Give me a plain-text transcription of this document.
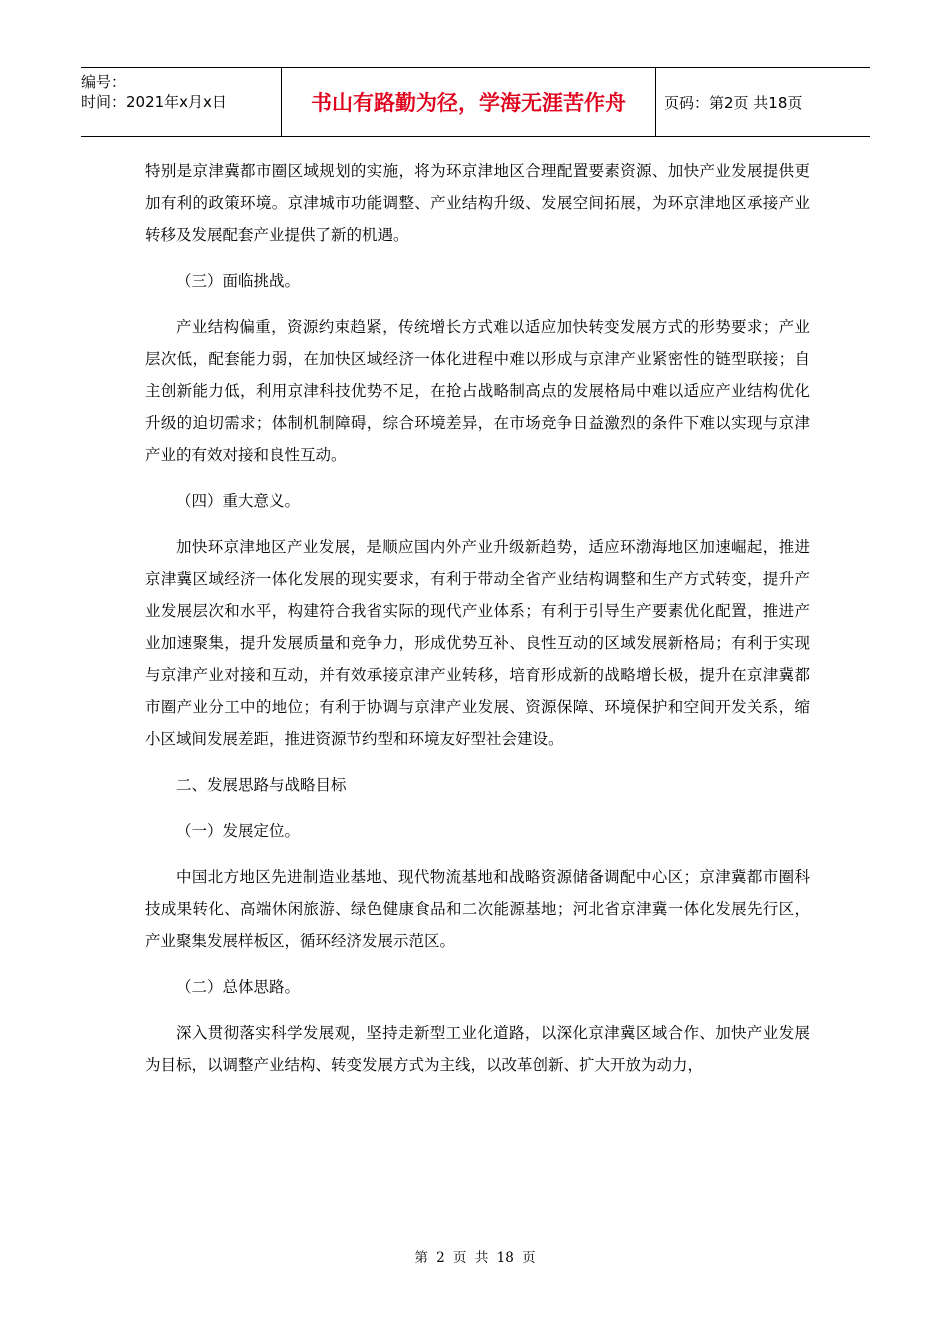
编号：
时间：2021年x月x日	书山有路勤为径，学海无涯苦作舟	页码：第2页 共18页

特别是京津冀都市圈区域规划的实施，将为环京津地区合理配置要素资源、加快产业发展提供更加有利的政策环境。京津城市功能调整、产业结构升级、发展空间拓展，为环京津地区承接产业转移及发展配套产业提供了新的机遇。

（三）面临挑战。

产业结构偏重，资源约束趋紧，传统增长方式难以适应加快转变发展方式的形势要求；产业层次低，配套能力弱，在加快区域经济一体化进程中难以形成与京津产业紧密性的链型联接；自主创新能力低，利用京津科技优势不足，在抢占战略制高点的发展格局中难以适应产业结构优化升级的迫切需求；体制机制障碍，综合环境差异，在市场竞争日益激烈的条件下难以实现与京津产业的有效对接和良性互动。

（四）重大意义。

加快环京津地区产业发展，是顺应国内外产业升级新趋势，适应环渤海地区加速崛起，推进京津冀区域经济一体化发展的现实要求，有利于带动全省产业结构调整和生产方式转变，提升产业发展层次和水平，构建符合我省实际的现代产业体系；有利于引导生产要素优化配置，推进产业加速聚集，提升发展质量和竞争力，形成优势互补、良性互动的区域发展新格局；有利于实现与京津产业对接和互动，并有效承接京津产业转移，培育形成新的战略增长极，提升在京津冀都市圈产业分工中的地位；有利于协调与京津产业发展、资源保障、环境保护和空间开发关系，缩小区域间发展差距，推进资源节约型和环境友好型社会建设。

二、发展思路与战略目标

（一）发展定位。

中国北方地区先进制造业基地、现代物流基地和战略资源储备调配中心区；京津冀都市圈科技成果转化、高端休闲旅游、绿色健康食品和二次能源基地；河北省京津冀一体化发展先行区，产业聚集发展样板区，循环经济发展示范区。

（二）总体思路。

深入贯彻落实科学发展观，坚持走新型工业化道路，以深化京津冀区域合作、加快产业发展为目标，以调整产业结构、转变发展方式为主线，以改革创新、扩大开放为动力，

第 2 页 共 18 页
